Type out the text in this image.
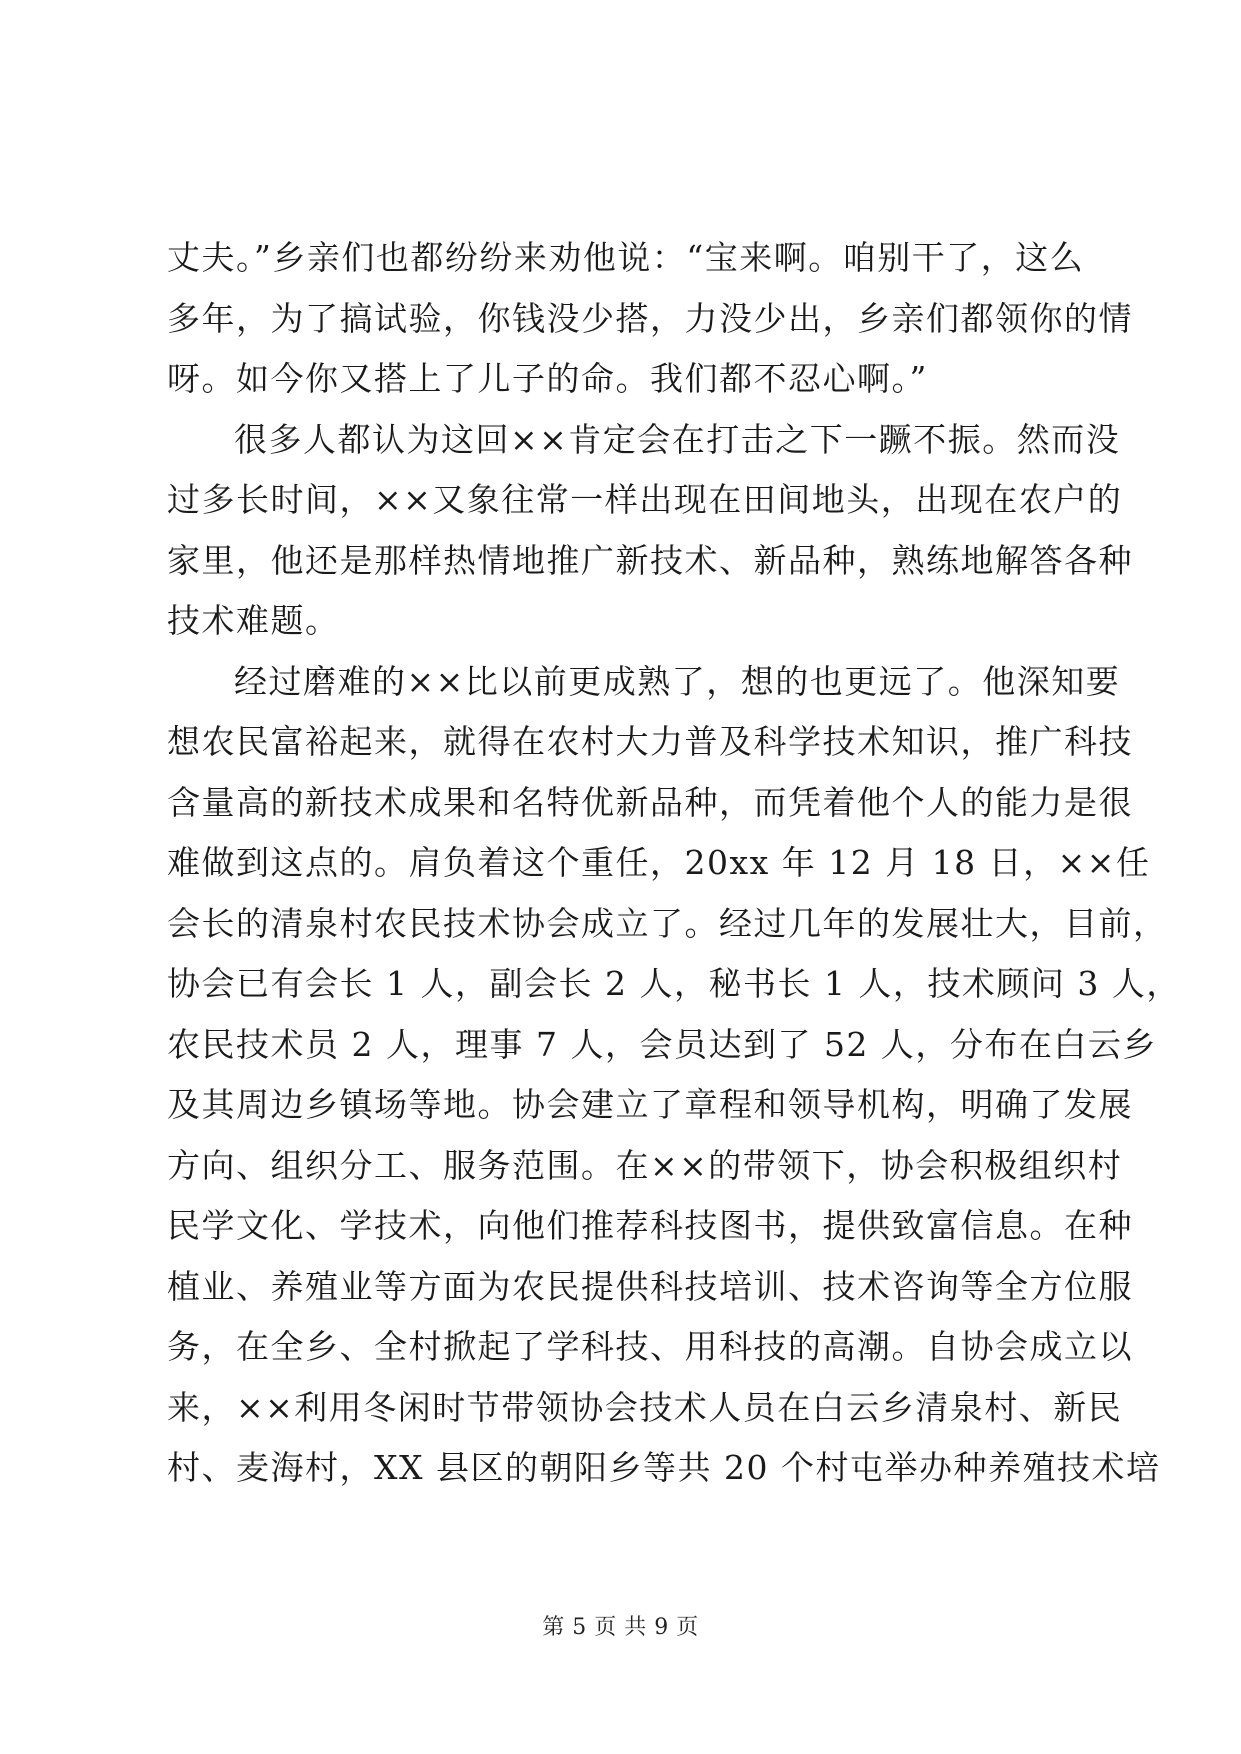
丈夫。”乡亲们也都纷纷来劝他说：“宝来啊。咱别干了，这么
多年，为了搞试验，你钱没少搭，力没少出，乡亲们都领你的情
呀。如今你又搭上了儿子的命。我们都不忍心啊。”
很多人都认为这回××肯定会在打击之下一蹶不振。然而没
过多长时间，××又象往常一样出现在田间地头，出现在农户的
家里，他还是那样热情地推广新技术、新品种，熟练地解答各种
技术难题。
经过磨难的××比以前更成熟了，想的也更远了。他深知要
想农民富裕起来，就得在农村大力普及科学技术知识，推广科技
含量高的新技术成果和名特优新品种，而凭着他个人的能力是很
难做到这点的。肩负着这个重任，20xx 年 12 月 18 日，××任
会长的清泉村农民技术协会成立了。经过几年的发展壮大，目前，
协会已有会长 1 人，副会长 2 人，秘书长 1 人，技术顾问 3 人，
农民技术员 2 人，理事 7 人，会员达到了 52 人，分布在白云乡
及其周边乡镇场等地。协会建立了章程和领导机构，明确了发展
方向、组织分工、服务范围。在××的带领下，协会积极组织村
民学文化、学技术，向他们推荐科技图书，提供致富信息。在种
植业、养殖业等方面为农民提供科技培训、技术咨询等全方位服
务，在全乡、全村掀起了学科技、用科技的高潮。自协会成立以
来，××利用冬闲时节带领协会技术人员在白云乡清泉村、新民
村、麦海村，XX 县区的朝阳乡等共 20 个村屯举办种养殖技术培
第 5 页 共 9 页
